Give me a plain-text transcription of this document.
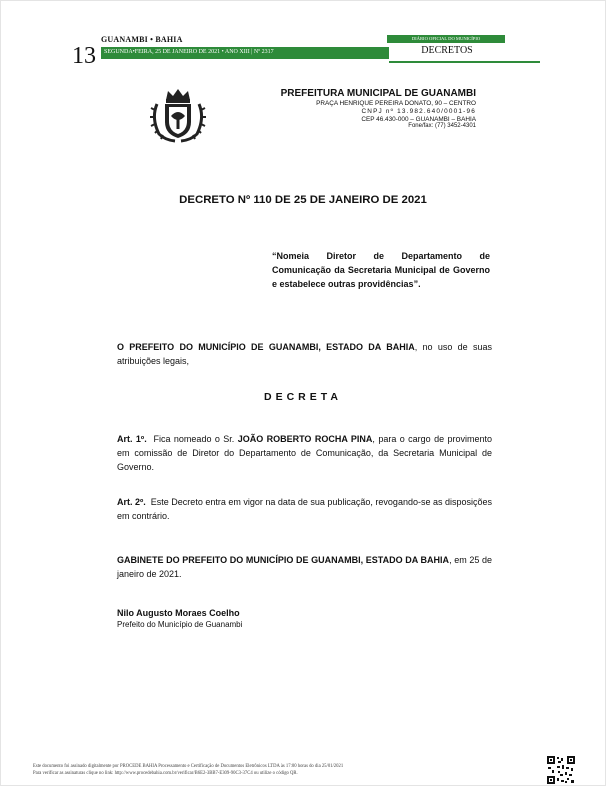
GUANAMBI • BAHIA
13 SEGUNDA•FEIRA, 25 DE JANEIRO DE 2021 • ANO XIII | Nº 2317
DIÁRIO OFICIAL DO MUNICÍPIO
DECRETOS
PREFEITURA MUNICIPAL DE GUANAMBI
PRAÇA HENRIQUE PEREIRA DONATO, 90 – CENTRO
CNPJ nº 13.982.640/0001-96
CEP 46.430-000 – GUANAMBI – BAHIA
Fone/fax: (77) 3452-4301
DECRETO Nº 110 DE 25 DE JANEIRO DE 2021
“Nomeia Diretor de Departamento de Comunicação da Secretaria Municipal de Governo e estabelece outras providências”.
O PREFEITO DO MUNICÍPIO DE GUANAMBI, ESTADO DA BAHIA, no uso de suas atribuições legais,
DECRETA
Art. 1º.  Fica nomeado o Sr. JOÃO ROBERTO ROCHA PINA, para o cargo de provimento em comissão de Diretor do Departamento de Comunicação, da Secretaria Municipal de Governo.
Art. 2º.  Este Decreto entra em vigor na data de sua publicação, revogando-se as disposições em contrário.
GABINETE DO PREFEITO DO MUNICÍPIO DE GUANAMBI, ESTADO DA BAHIA, em 25 de janeiro de 2021.
Nilo Augusto Moraes Coelho
Prefeito do Município de Guanambi
Este documento foi assinado digitalmente por PROCEDE BAHIA Processamento e Certificação de Documentos Eletrônicos LTDA às 17:00 horas do dia 25/01/2021
Para verificar as assinaturas clique no link: http://www.procedebahia.com.br/verificar/B6E2-3BB7-E309-90C3-37C4 ou utilize o código QR.
